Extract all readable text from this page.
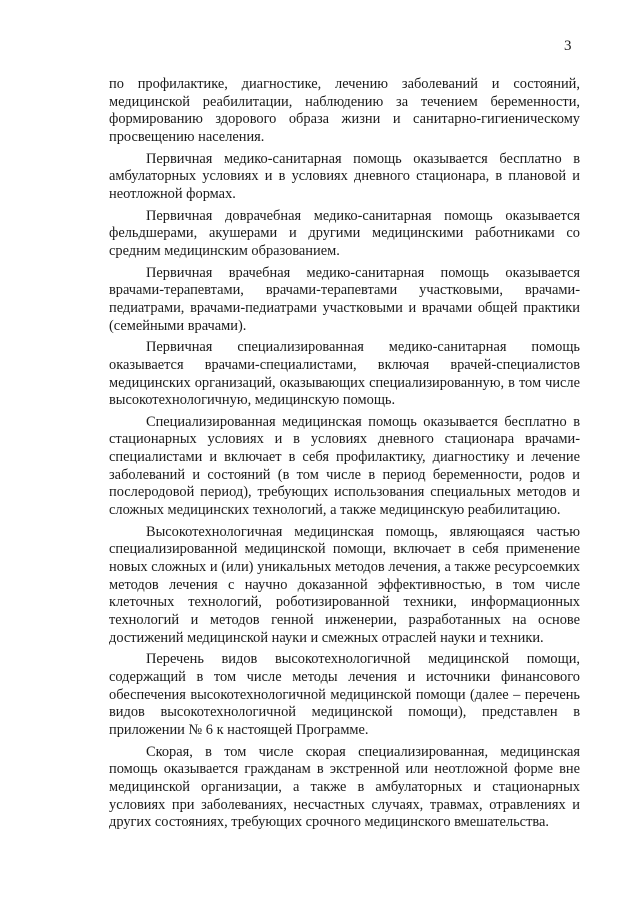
3

по профилактике, диагностике, лечению заболеваний и состояний, медицинской реабилитации, наблюдению за течением беременности, формированию здорового образа жизни и санитарно-гигиеническому просвещению населения.

Первичная медико-санитарная помощь оказывается бесплатно в амбулаторных условиях и в условиях дневного стационара, в плановой и неотложной формах.

Первичная доврачебная медико-санитарная помощь оказывается фельдшерами, акушерами и другими медицинскими работниками со средним медицинским образованием.

Первичная врачебная медико-санитарная помощь оказывается врачами-терапевтами, врачами-терапевтами участковыми, врачами-педиатрами, врачами-педиатрами участковыми и врачами общей практики (семейными врачами).

Первичная специализированная медико-санитарная помощь оказывается врачами-специалистами, включая врачей-специалистов медицинских организаций, оказывающих специализированную, в том числе высокотехнологичную, медицинскую помощь.

Специализированная медицинская помощь оказывается бесплатно в стационарных условиях и в условиях дневного стационара врачами-специалистами и включает в себя профилактику, диагностику и лечение заболеваний и состояний (в том числе в период беременности, родов и послеродовой период), требующих использования специальных методов и сложных медицинских технологий, а также медицинскую реабилитацию.

Высокотехнологичная медицинская помощь, являющаяся частью специализированной медицинской помощи, включает в себя применение новых сложных и (или) уникальных методов лечения, а также ресурсоемких методов лечения с научно доказанной эффективностью, в том числе клеточных технологий, роботизированной техники, информационных технологий и методов генной инженерии, разработанных на основе достижений медицинской науки и смежных отраслей науки и техники.

Перечень видов высокотехнологичной медицинской помощи, содержащий в том числе методы лечения и источники финансового обеспечения высокотехнологичной медицинской помощи (далее – перечень видов высокотехнологичной медицинской помощи), представлен в приложении № 6 к настоящей Программе.

Скорая, в том числе скорая специализированная, медицинская помощь оказывается гражданам в экстренной или неотложной форме вне медицинской организации, а также в амбулаторных и стационарных условиях при заболеваниях, несчастных случаях, травмах, отравлениях и других состояниях, требующих срочного медицинского вмешательства.
